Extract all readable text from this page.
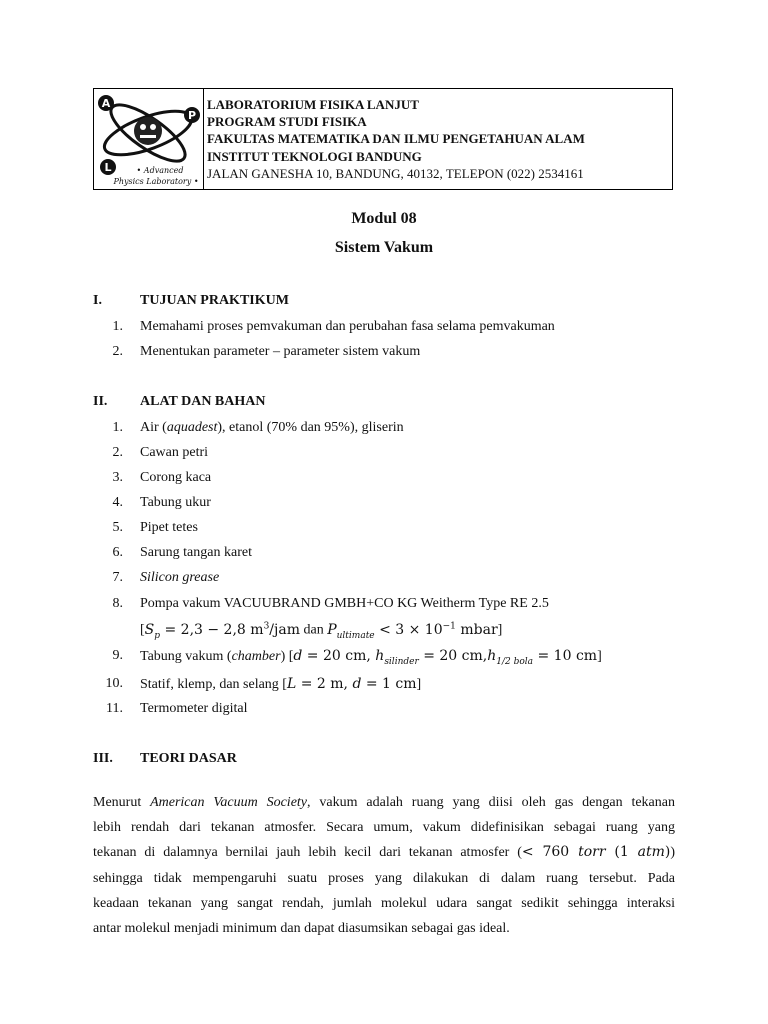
A
P
L	• Advanced
Physics Laboratory •
LABORATORIUM FISIKA LANJUT
PROGRAM STUDI FISIKA
FAKULTAS MATEMATIKA DAN ILMU PENGETAHUAN ALAM
INSTITUT TEKNOLOGI BANDUNG
JALAN GANESHA 10, BANDUNG, 40132, TELEPON (022) 2534161
Modul 08
Sistem Vakum
I.	TUJUAN PRAKTIKUM
1. Memahami proses pemvakuman dan perubahan fasa selama pemvakuman
2. Menentukan parameter – parameter sistem vakum
II. ALAT DAN BAHAN
1. Air (aquadest), etanol (70% dan 95%), gliserin
2. Cawan petri
3. Corong kaca
4. Tabung ukur
5. Pipet tetes
6. Sarung tangan karet
7. Silicon grease
8. Pompa vakum VACUUBRAND GMBH+CO KG Weitherm Type RE 2.5
[$S_p = 2,3 - 2,8$ $m^3$/jam dan $P_{ultimate} < 3 \times 10^{-1}$ mbar]
9. Tabung vakum (chamber) [d = 20 cm, $h_{silinder} = 20$ $cm,h_{1/2 bola} = 10$ cm]
10. Statif, klemp, dan selang [L = 2 m, d = 1 cm]
11. Termometer digital
III. TEORI DASAR
Menurut American Vacuum Society, vakum adalah ruang yang diisi oleh gas dengan tekanan
lebih rendah dari tekanan atmosfer. Secara umum, vakum didefinisikan sebagai ruang yang
tekanan di dalamnya bernilai jauh lebih kecil dari tekanan atmosfer (< 760 torr (1 atm))
sehingga tidak mempengaruhi suatu proses yang dilakukan di dalam ruang tersebut. Pada
keadaan tekanan yang sangat rendah, jumlah molekul udara sangat sedikit sehingga interaksi
antar molekul menjadi minimum dan dapat diasumsikan sebagai gas ideal.
